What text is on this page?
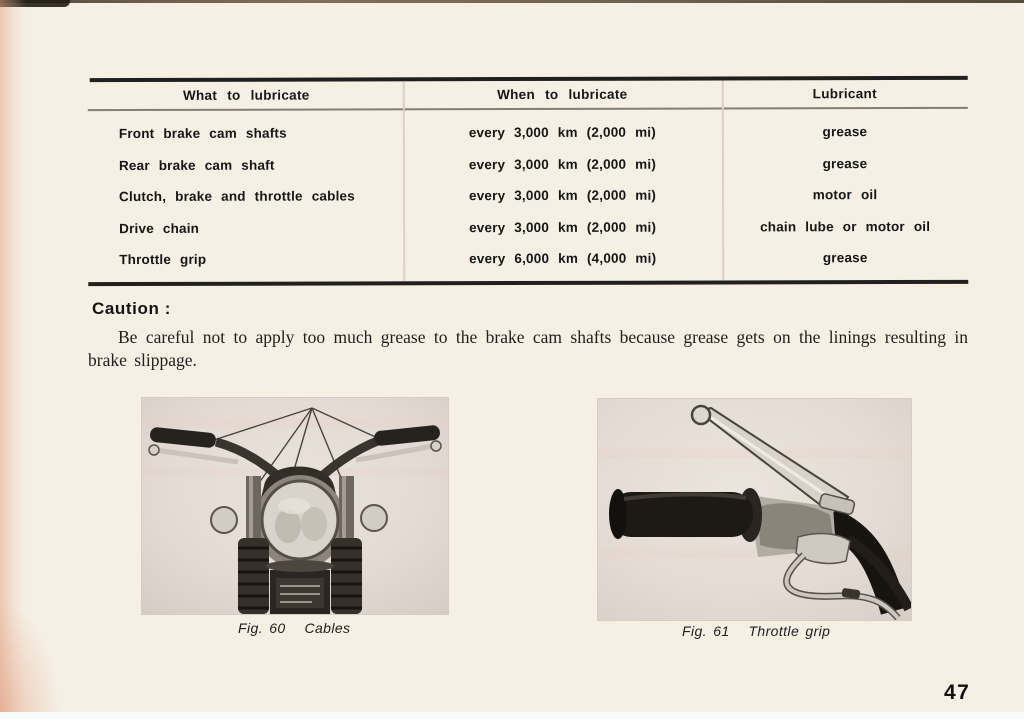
What to lubricate	When to lubricate	Lubricant
Front brake cam shafts	every 3,000 km (2,000 mi)	grease
Rear brake cam shaft	every 3,000 km (2,000 mi)	grease
Clutch, brake and throttle cables	every 3,000 km (2,000 mi)	motor oil
Drive chain	every 3,000 km (2,000 mi)	chain lube or motor oil
Throttle grip	every 6,000 km (4,000 mi)	grease
Caution :
Be careful not to apply too much grease to the brake cam shafts because grease gets on the linings resulting in brake slippage.
Fig. 60   Cables	Fig. 61   Throttle grip
47
